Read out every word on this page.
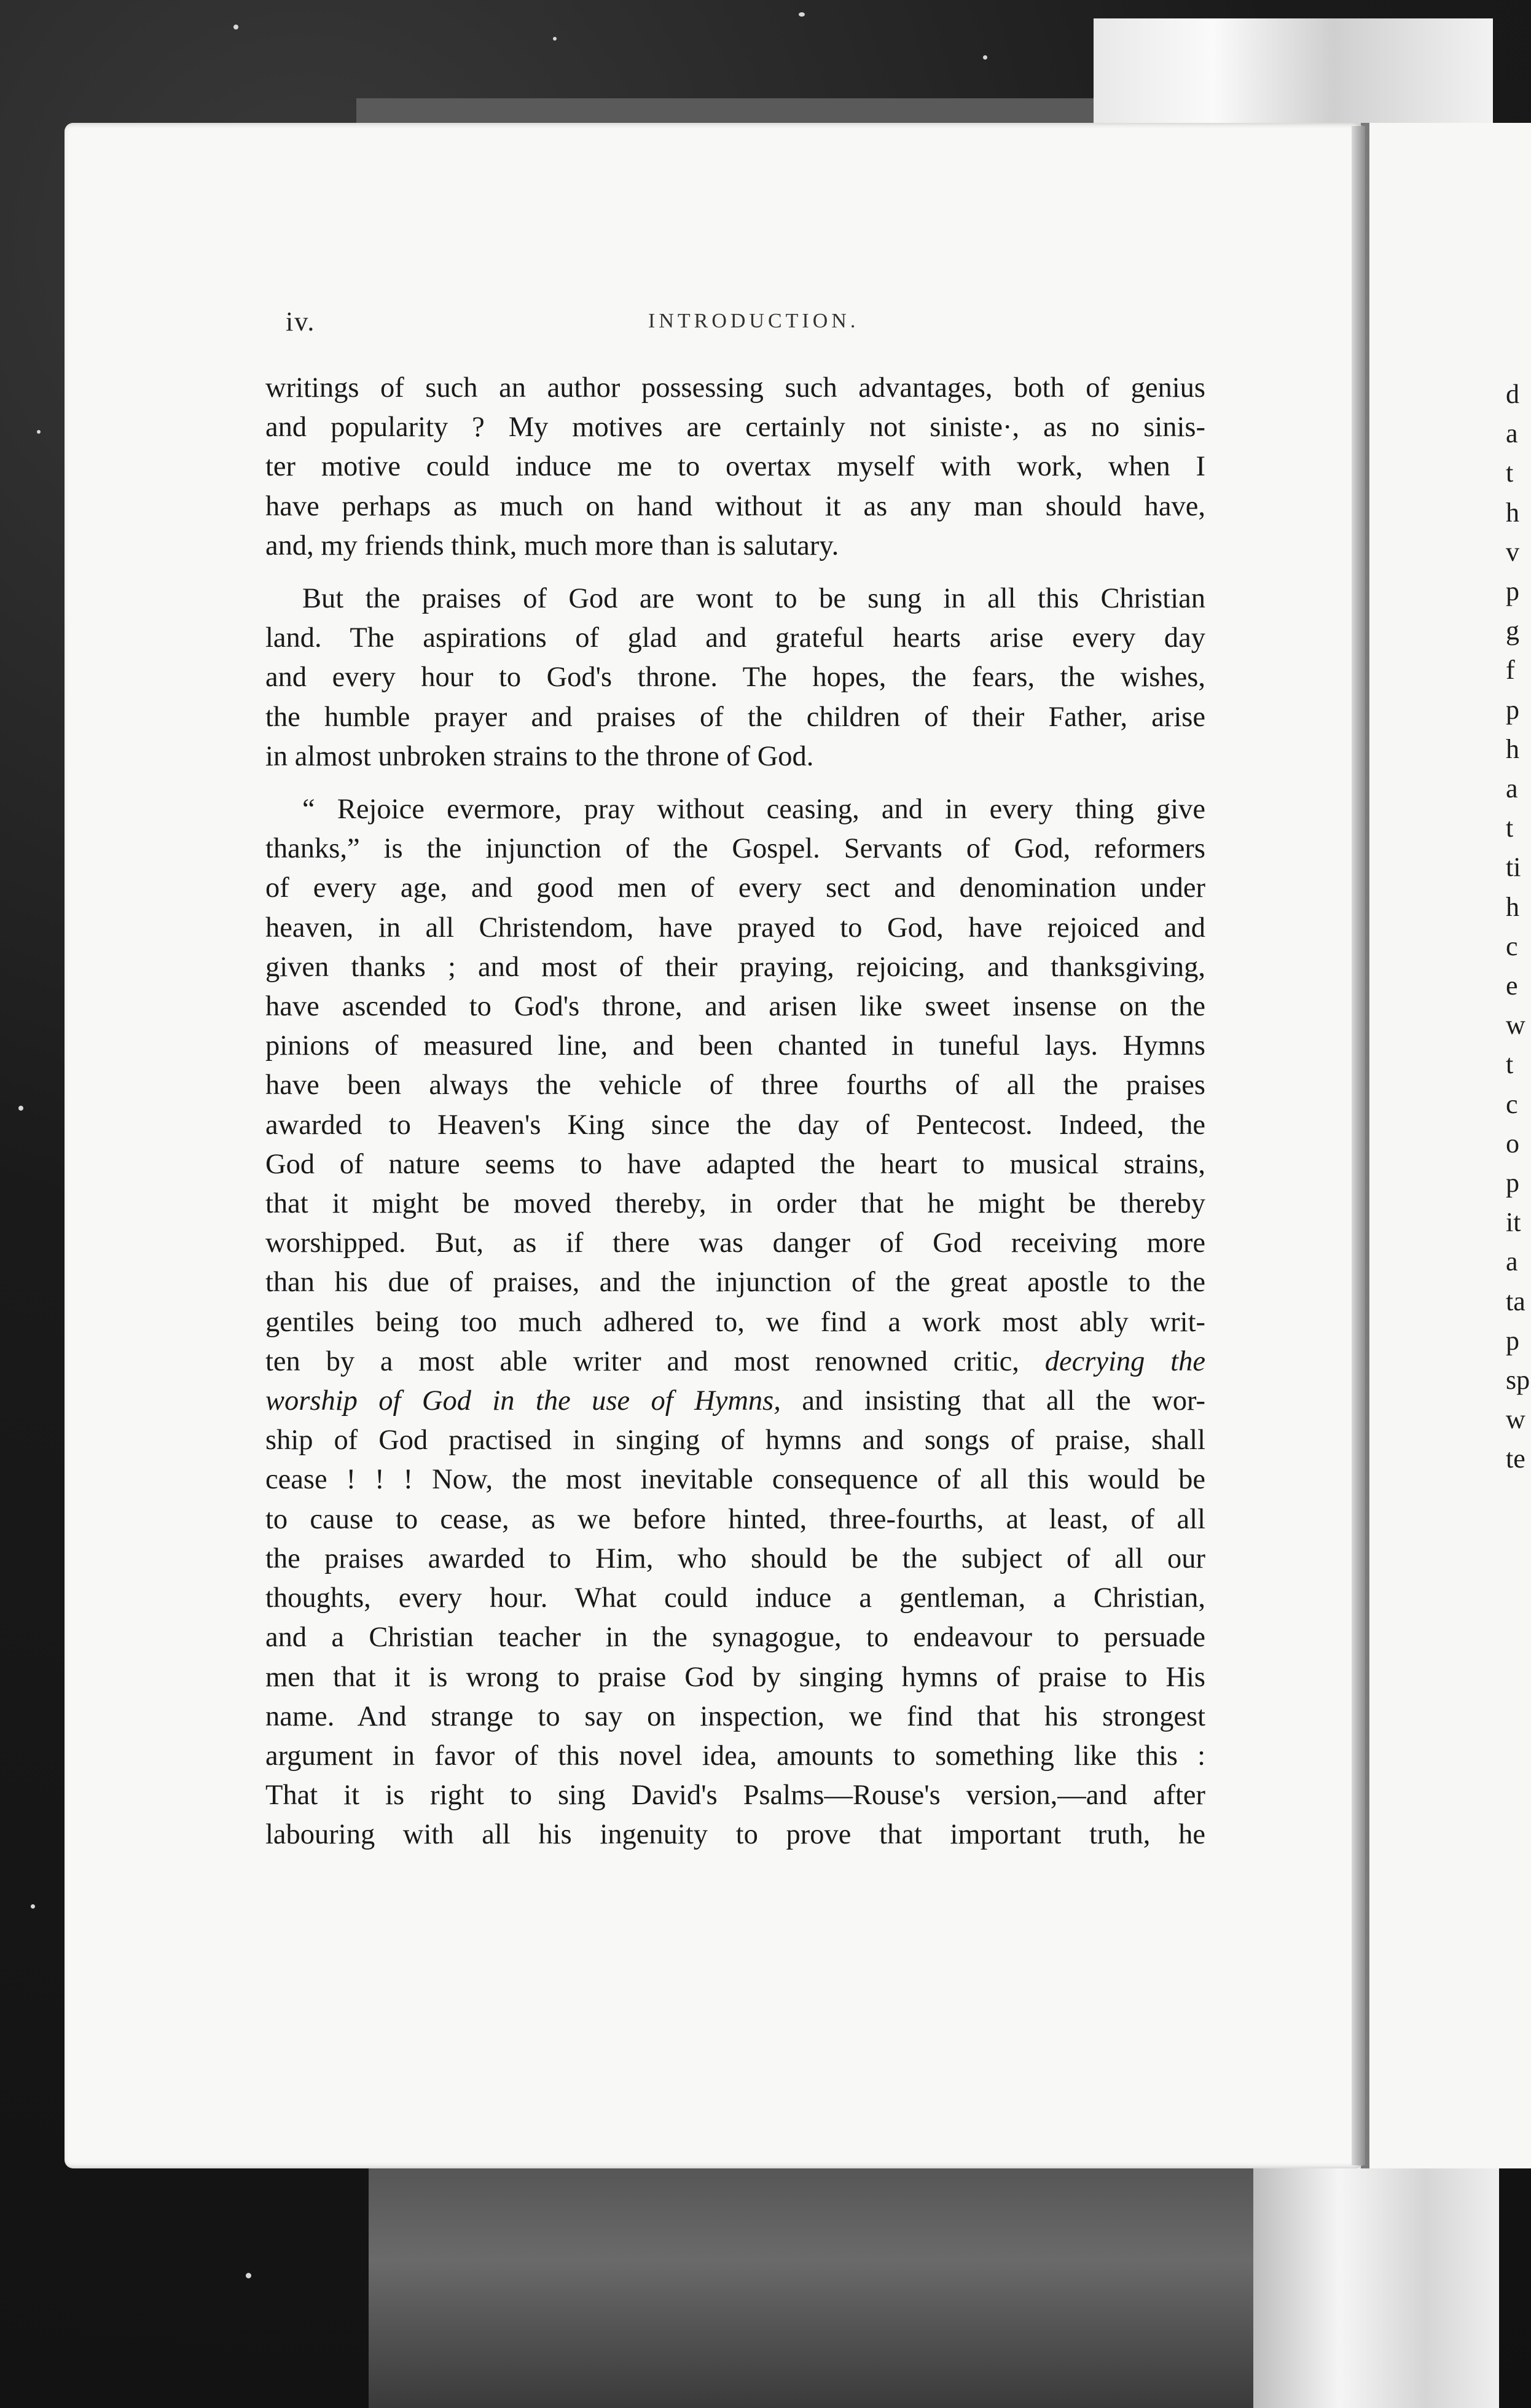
d
a
t
h
v
p
g
f
p
h
a
t
ti
h
c
e
w
t
c
o
p
it
a
ta
p
sp
w
te
iv.	INTRODUCTION.
writings of such an author possessing such advantages, both of genius
and popularity ? My motives are certainly not siniste·, as no sinis-
ter motive could induce me to overtax myself with work, when I
have perhaps as much on hand without it as any man should have,
and, my friends think, much more than is salutary.
But the praises of God are wont to be sung in all this Christian
land. The aspirations of glad and grateful hearts arise every day
and every hour to God's throne. The hopes, the fears, the wishes,
the humble prayer and praises of the children of their Father, arise
in almost unbroken strains to the throne of God.
“ Rejoice evermore, pray without ceasing, and in every thing give
thanks,” is the injunction of the Gospel. Servants of God, reformers
of every age, and good men of every sect and denomination under
heaven, in all Christendom, have prayed to God, have rejoiced and
given thanks ; and most of their praying, rejoicing, and thanksgiving,
have ascended to God's throne, and arisen like sweet insense on the
pinions of measured line, and been chanted in tuneful lays. Hymns
have been always the vehicle of three fourths of all the praises
awarded to Heaven's King since the day of Pentecost. Indeed, the
God of nature seems to have adapted the heart to musical strains,
that it might be moved thereby, in order that he might be thereby
worshipped. But, as if there was danger of God receiving more
than his due of praises, and the injunction of the great apostle to the
gentiles being too much adhered to, we find a work most ably writ-
ten by a most able writer and most renowned critic, decrying the
worship of God in the use of Hymns, and insisting that all the wor-
ship of God practised in singing of hymns and songs of praise, shall
cease ! ! ! Now, the most inevitable consequence of all this would be
to cause to cease, as we before hinted, three-fourths, at least, of all
the praises awarded to Him, who should be the subject of all our
thoughts, every hour. What could induce a gentleman, a Christian,
and a Christian teacher in the synagogue, to endeavour to persuade
men that it is wrong to praise God by singing hymns of praise to His
name. And strange to say on inspection, we find that his strongest
argument in favor of this novel idea, amounts to something like this :
That it is right to sing David's Psalms—Rouse's version,—and after
labouring with all his ingenuity to prove that important truth, he
